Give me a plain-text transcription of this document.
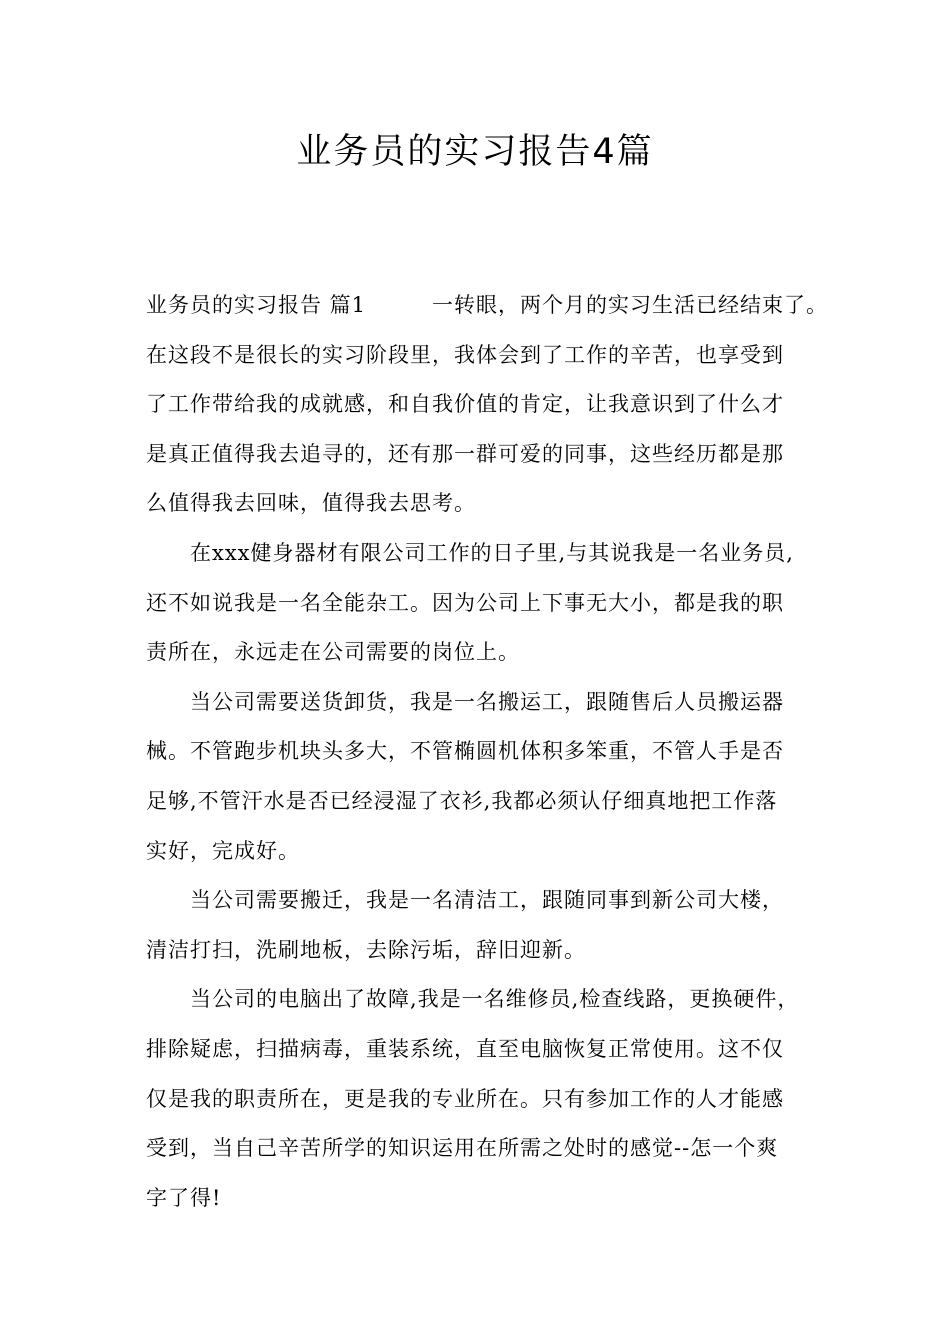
业务员的实习报告4篇
业务员的实习报告 篇1　　　一转眼，两个月的实习生活已经结束了。
在这段不是很长的实习阶段里，我体会到了工作的辛苦，也享受到
了工作带给我的成就感，和自我价值的肯定，让我意识到了什么才
是真正值得我去追寻的，还有那一群可爱的同事，这些经历都是那
么值得我去回味，值得我去思考。
在xxx健身器材有限公司工作的日子里,与其说我是一名业务员,
还不如说我是一名全能杂工。因为公司上下事无大小，都是我的职
责所在，永远走在公司需要的岗位上。
当公司需要送货卸货，我是一名搬运工，跟随售后人员搬运器
械。不管跑步机块头多大，不管椭圆机体积多笨重，不管人手是否
足够,不管汗水是否已经浸湿了衣衫,我都必须认仔细真地把工作落
实好，完成好。
当公司需要搬迁，我是一名清洁工，跟随同事到新公司大楼，
清洁打扫，洗刷地板，去除污垢，辞旧迎新。
当公司的电脑出了故障,我是一名维修员,检查线路，更换硬件，
排除疑虑，扫描病毒，重装系统，直至电脑恢复正常使用。这不仅
仅是我的职责所在，更是我的专业所在。只有参加工作的人才能感
受到，当自己辛苦所学的知识运用在所需之处时的感觉--怎一个爽
字了得!
